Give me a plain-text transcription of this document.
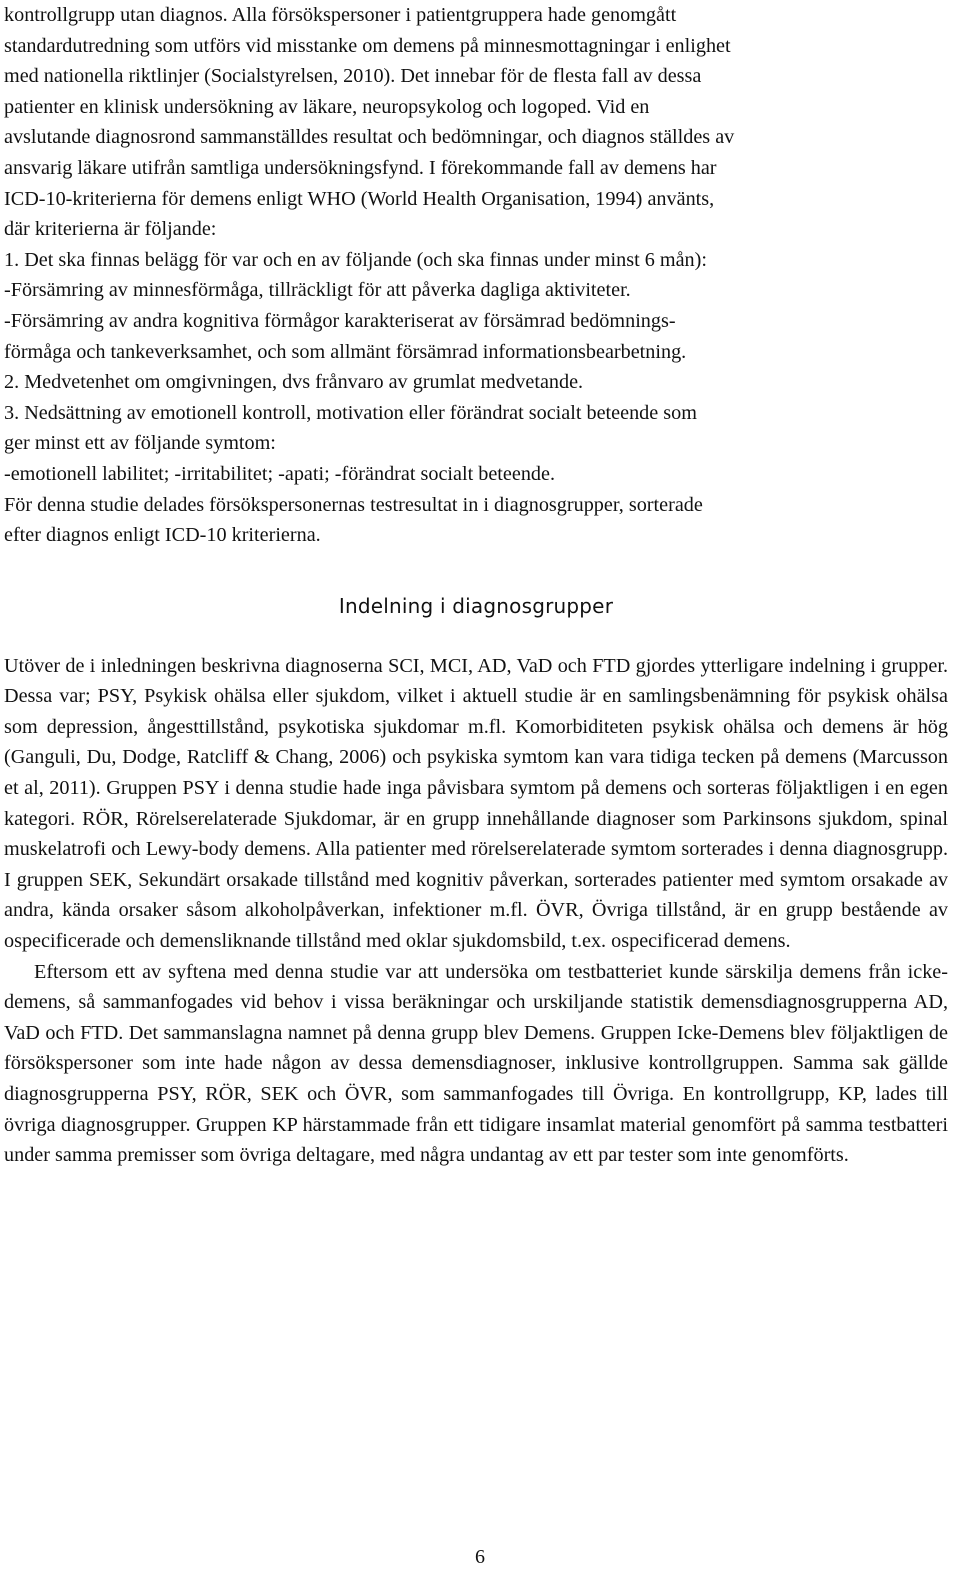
kontrollgrupp utan diagnos. Alla försökspersoner i patientgruppera hade genomgått

standardutredning som utförs vid misstanke om demens på minnesmottagningar i enlighet

med nationella riktlinjer (Socialstyrelsen, 2010). Det innebar för de flesta fall av dessa

patienter en klinisk undersökning av läkare, neuropsykolog och logoped. Vid en

avslutande diagnosrond sammanställdes resultat och bedömningar, och diagnos ställdes av

ansvarig läkare utifrån samtliga undersökningsfynd. I förekommande fall av demens har

ICD-10-kriterierna för demens enligt WHO (World Health Organisation, 1994) använts,

där kriterierna är följande:

1. Det ska finnas belägg för var och en av följande (och ska finnas under minst 6 mån):

-Försämring av minnesförmåga, tillräckligt för att påverka dagliga aktiviteter.

-Försämring av andra kognitiva förmågor karakteriserat av försämrad bedömnings-

förmåga och tankeverksamhet, och som allmänt försämrad informationsbearbetning.

2. Medvetenhet om omgivningen, dvs frånvaro av grumlat medvetande.

3. Nedsättning av emotionell kontroll, motivation eller förändrat socialt beteende som

ger minst ett av följande symtom:

-emotionell labilitet; -irritabilitet; -apati; -förändrat socialt beteende.

För denna studie delades försökspersonernas testresultat in i diagnosgrupper, sorterade

efter diagnos enligt ICD-10 kriterierna.

Indelning i diagnosgrupper

Utöver de i inledningen beskrivna diagnoserna SCI, MCI, AD, VaD och FTD gjordes ytterligare indelning i grupper. Dessa var; PSY, Psykisk ohälsa eller sjukdom, vilket i aktuell studie är en samlingsbenämning för psykisk ohälsa som depression, ångesttillstånd, psykotiska sjukdomar m.fl. Komorbiditeten psykisk ohälsa och demens är hög (Ganguli, Du, Dodge, Ratcliff & Chang, 2006) och psykiska symtom kan vara tidiga tecken på demens (Marcusson et al, 2011). Gruppen PSY i denna studie hade inga påvisbara symtom på demens och sorteras följaktligen i en egen kategori. RÖR, Rörelserelaterade Sjukdomar, är en grupp innehållande diagnoser som Parkinsons sjukdom, spinal muskelatrofi och Lewy-body demens. Alla patienter med rörelserelaterade symtom sorterades i denna diagnosgrupp. I gruppen SEK, Sekundärt orsakade tillstånd med kognitiv påverkan, sorterades patienter med symtom orsakade av andra, kända orsaker såsom alkoholpåverkan, infektioner m.fl. ÖVR, Övriga tillstånd, är en grupp bestående av ospecificerade och demensliknande tillstånd med oklar sjukdomsbild, t.ex. ospecificerad demens.

Eftersom ett av syftena med denna studie var att undersöka om testbatteriet kunde särskilja demens från icke-demens, så sammanfogades vid behov i vissa beräkningar och urskiljande statistik demensdiagnosgrupperna AD, VaD och FTD. Det sammanslagna namnet på denna grupp blev Demens. Gruppen Icke-Demens blev följaktligen de försökspersoner som inte hade någon av dessa demensdiagnoser, inklusive kontrollgruppen. Samma sak gällde diagnosgrupperna PSY, RÖR, SEK och ÖVR, som sammanfogades till Övriga. En kontrollgrupp, KP, lades till övriga diagnosgrupper. Gruppen KP härstammade från ett tidigare insamlat material genomfört på samma testbatteri under samma premisser som övriga deltagare, med några undantag av ett par tester som inte genomförts.

6
